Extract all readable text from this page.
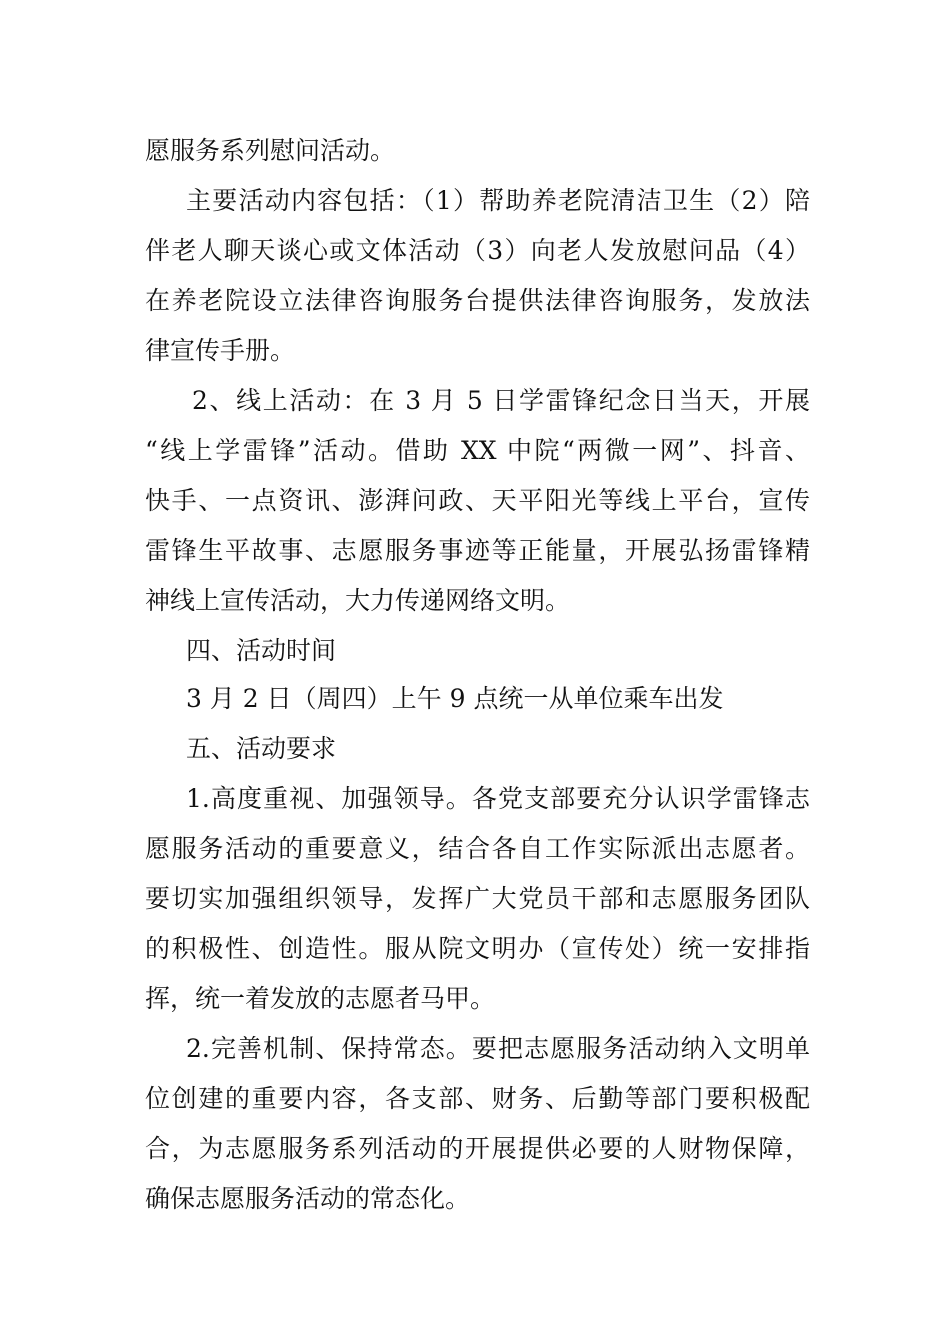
愿服务系列慰问活动。
主要活动内容包括：（1）帮助养老院清洁卫生（2）陪
伴老人聊天谈心或文体活动（3）向老人发放慰问品（4）
在养老院设立法律咨询服务台提供法律咨询服务，发放法
律宣传手册。
2、线上活动：在 3 月 5 日学雷锋纪念日当天，开展
“线上学雷锋”活动。借助 XX 中院“两微一网”、抖音、
快手、一点资讯、澎湃问政、天平阳光等线上平台，宣传
雷锋生平故事、志愿服务事迹等正能量，开展弘扬雷锋精
神线上宣传活动，大力传递网络文明。
四、活动时间
3 月 2 日（周四）上午 9 点统一从单位乘车出发
五、活动要求
1.高度重视、加强领导。各党支部要充分认识学雷锋志
愿服务活动的重要意义，结合各自工作实际派出志愿者。
要切实加强组织领导，发挥广大党员干部和志愿服务团队
的积极性、创造性。服从院文明办（宣传处）统一安排指
挥，统一着发放的志愿者马甲。
2.完善机制、保持常态。要把志愿服务活动纳入文明单
位创建的重要内容，各支部、财务、后勤等部门要积极配
合，为志愿服务系列活动的开展提供必要的人财物保障，
确保志愿服务活动的常态化。
